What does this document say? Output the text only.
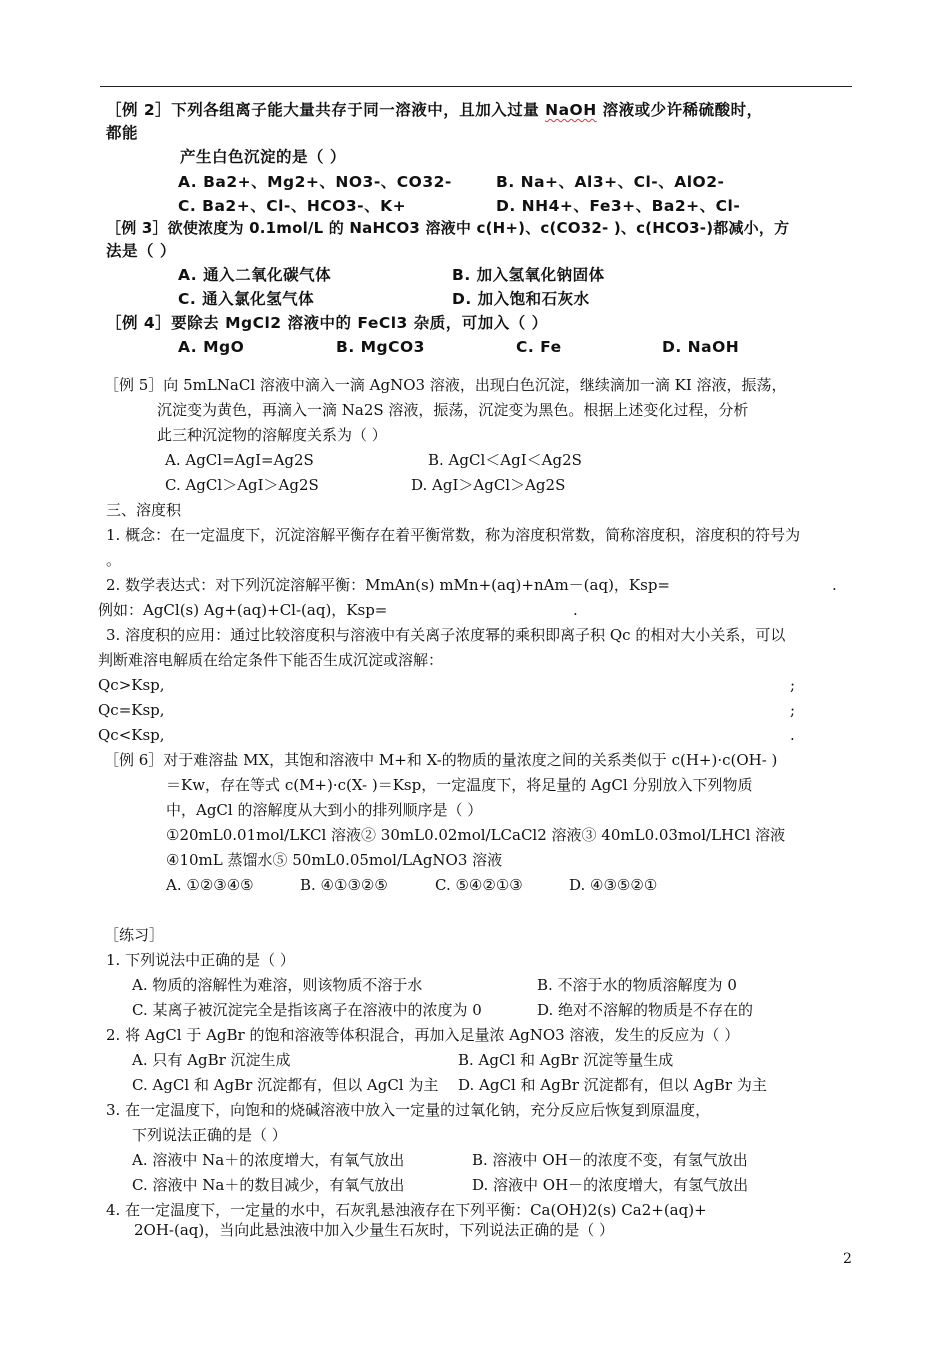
［例 2］下列各组离子能大量共存于同一溶液中，且加入过量 NaOH 溶液或少许稀硫酸时，
都能
产生白色沉淀的是（ ）
A. Ba2+、Mg2+、NO3-、CO32-	B. Na+、Al3+、Cl-、AlO2-
C. Ba2+、Cl-、HCO3-、K+	D. NH4+、Fe3+、Ba2+、Cl-
［例 3］欲使浓度为 0.1mol/L 的 NaHCO3 溶液中 c(H+)、c(CO32- )、c(HCO3-)都减小，方
法是（ ）
A. 通入二氧化碳气体	B. 加入氢氧化钠固体
C. 通入氯化氢气体	D. 加入饱和石灰水
［例 4］要除去 MgCl2 溶液中的 FeCl3 杂质，可加入（ ）
A. MgO	B. MgCO3	C. Fe	D. NaOH
［例 5］向 5mLNaCl 溶液中滴入一滴 AgNO3 溶液，出现白色沉淀，继续滴加一滴 KI 溶液，振荡，
沉淀变为黄色，再滴入一滴 Na2S 溶液，振荡，沉淀变为黑色。根据上述变化过程，分析
此三种沉淀物的溶解度关系为（ ）
A. AgCl=AgI=Ag2S	B. AgCl＜AgI＜Ag2S
C. AgCl＞AgI＞Ag2S	D. AgI＞AgCl＞Ag2S
三、溶度积
1. 概念：在一定温度下，沉淀溶解平衡存在着平衡常数，称为溶度积常数，简称溶度积，溶度积的符号为
。
2. 数学表达式：对下列沉淀溶解平衡：MmAn(s) mMn+(aq)+nAm－(aq)，Ksp=	.
例如：AgCl(s) Ag+(aq)+Cl-(aq)，Ksp=	.
3. 溶度积的应用：通过比较溶度积与溶液中有关离子浓度幂的乘积即离子积 Qc 的相对大小关系，可以
判断难溶电解质在给定条件下能否生成沉淀或溶解：
Qc>Ksp,	;
Qc=Ksp,	;
Qc<Ksp,	.
［例 6］对于难溶盐 MX，其饱和溶液中 M+和 X-的物质的量浓度之间的关系类似于 c(H+)·c(OH- )
＝Kw，存在等式 c(M+)·c(X- )＝Ksp，一定温度下，将足量的 AgCl 分别放入下列物质
中，AgCl 的溶解度从大到小的排列顺序是（ ）
①20mL0.01mol/LKCl 溶液② 30mL0.02mol/LCaCl2 溶液③ 40mL0.03mol/LHCl 溶液
④10mL 蒸馏水⑤ 50mL0.05mol/LAgNO3 溶液
A. ①②③④⑤	B. ④①③②⑤	C. ⑤④②①③	D. ④③⑤②①
［练习］
1. 下列说法中正确的是（ ）
A. 物质的溶解性为难溶，则该物质不溶于水	B. 不溶于水的物质溶解度为 0
C. 某离子被沉淀完全是指该离子在溶液中的浓度为 0	D. 绝对不溶解的物质是不存在的
2. 将 AgCl 于 AgBr 的饱和溶液等体积混合，再加入足量浓 AgNO3 溶液，发生的反应为（ ）
A. 只有 AgBr 沉淀生成	B. AgCl 和 AgBr 沉淀等量生成
C. AgCl 和 AgBr 沉淀都有，但以 AgCl 为主 D. AgCl 和 AgBr 沉淀都有，但以 AgBr 为主
3. 在一定温度下，向饱和的烧碱溶液中放入一定量的过氧化钠，充分反应后恢复到原温度，
下列说法正确的是（ ）
A. 溶液中 Na＋的浓度增大，有氧气放出	B. 溶液中 OH－的浓度不变，有氢气放出
C. 溶液中 Na＋的数目减少，有氧气放出	D. 溶液中 OH－的浓度增大，有氢气放出
4. 在一定温度下，一定量的水中，石灰乳悬浊液存在下列平衡：Ca(OH)2(s) Ca2+(aq)+
2OH-(aq)，当向此悬浊液中加入少量生石灰时，下列说法正确的是（ ）
2
